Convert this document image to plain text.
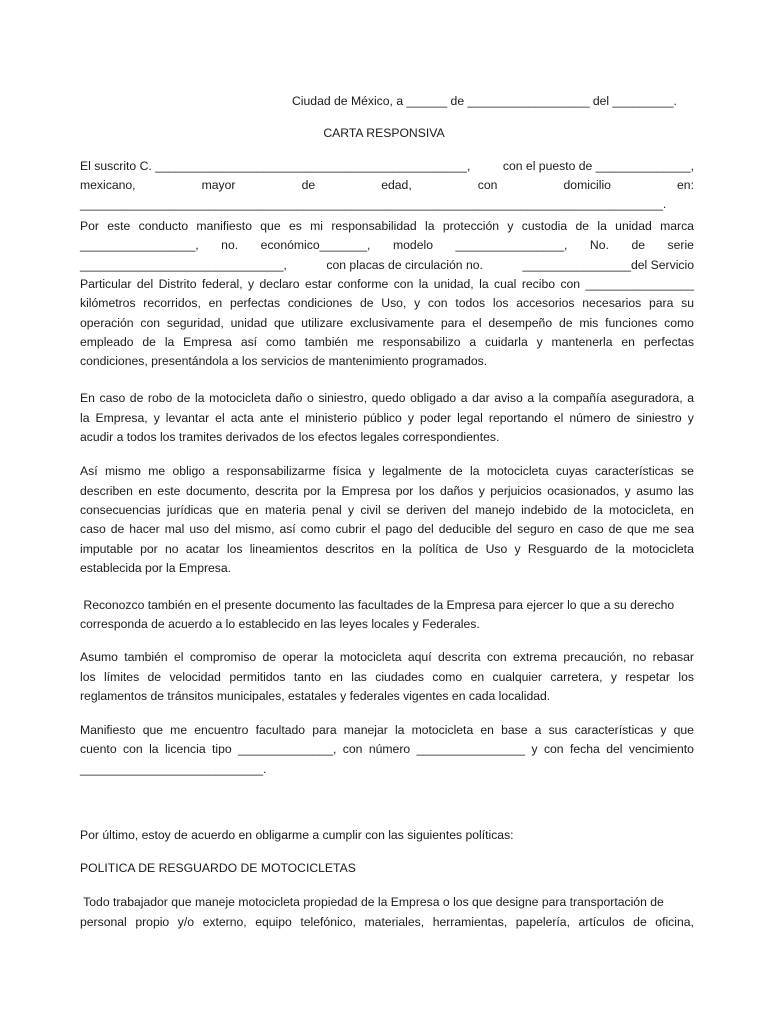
Ciudad de México, a ______ de __________________ del _________.
CARTA RESPONSIVA
El suscrito C. ______________________________________________,	con el puesto de ______________,
mexicano,	mayor	de	edad,	con	domicilio	en:
______________________________________________________________________________________.
Por este conducto manifiesto que es mi responsabilidad la protección y custodia de la unidad marca
_________________, no. económico_______, modelo ________________, No. de serie
______________________________,	con placas de circulación no.	________________del Servicio
Particular del Distrito federal, y declaro estar conforme con la unidad, la cual recibo con ________________
kilómetros recorridos, en perfectas condiciones de Uso, y con todos los accesorios necesarios para su
operación con seguridad, unidad que utilizare exclusivamente para el desempeño de mis funciones como
empleado de la Empresa así como también me responsabilizo a cuidarla y mantenerla en perfectas
condiciones, presentándola a los servicios de mantenimiento programados.
En caso de robo de la motocicleta daño o siniestro, quedo obligado a dar aviso a la compañía aseguradora, a
la Empresa, y levantar el acta ante el ministerio público y poder legal reportando el número de siniestro y
acudir a todos los tramites derivados de los efectos legales correspondientes.
Así mismo me obligo a responsabilizarme física y legalmente de la motocicleta cuyas características se
describen en este documento, descrita por la Empresa por los daños y perjuicios ocasionados, y asumo las
consecuencias jurídicas que en materia penal y civil se deriven del manejo indebido de la motocicleta, en
caso de hacer mal uso del mismo, así como cubrir el pago del deducible del seguro en caso de que me sea
imputable por no acatar los lineamientos descritos en la política de Uso y Resguardo de la motocicleta
establecida por la Empresa.
Reconozco también en el presente documento las facultades de la Empresa para ejercer lo que a su derecho
corresponda de acuerdo a lo establecido en las leyes locales y Federales.
Asumo también el compromiso de operar la motocicleta aquí descrita con extrema precaución, no rebasar
los límites de velocidad permitidos tanto en las ciudades como en cualquier carretera, y respetar los
reglamentos de tránsitos municipales, estatales y federales vigentes en cada localidad.
Manifiesto que me encuentro facultado para manejar la motocicleta en base a sus características y que
cuento con la licencia tipo ______________, con número ________________ y con fecha del vencimiento
___________________________.
Por último, estoy de acuerdo en obligarme a cumplir con las siguientes políticas:
POLITICA DE RESGUARDO DE MOTOCICLETAS
Todo trabajador que maneje motocicleta propiedad de la Empresa o los que designe para transportación de
personal propio y/o externo, equipo telefónico, materiales, herramientas, papelería, artículos de oficina,
